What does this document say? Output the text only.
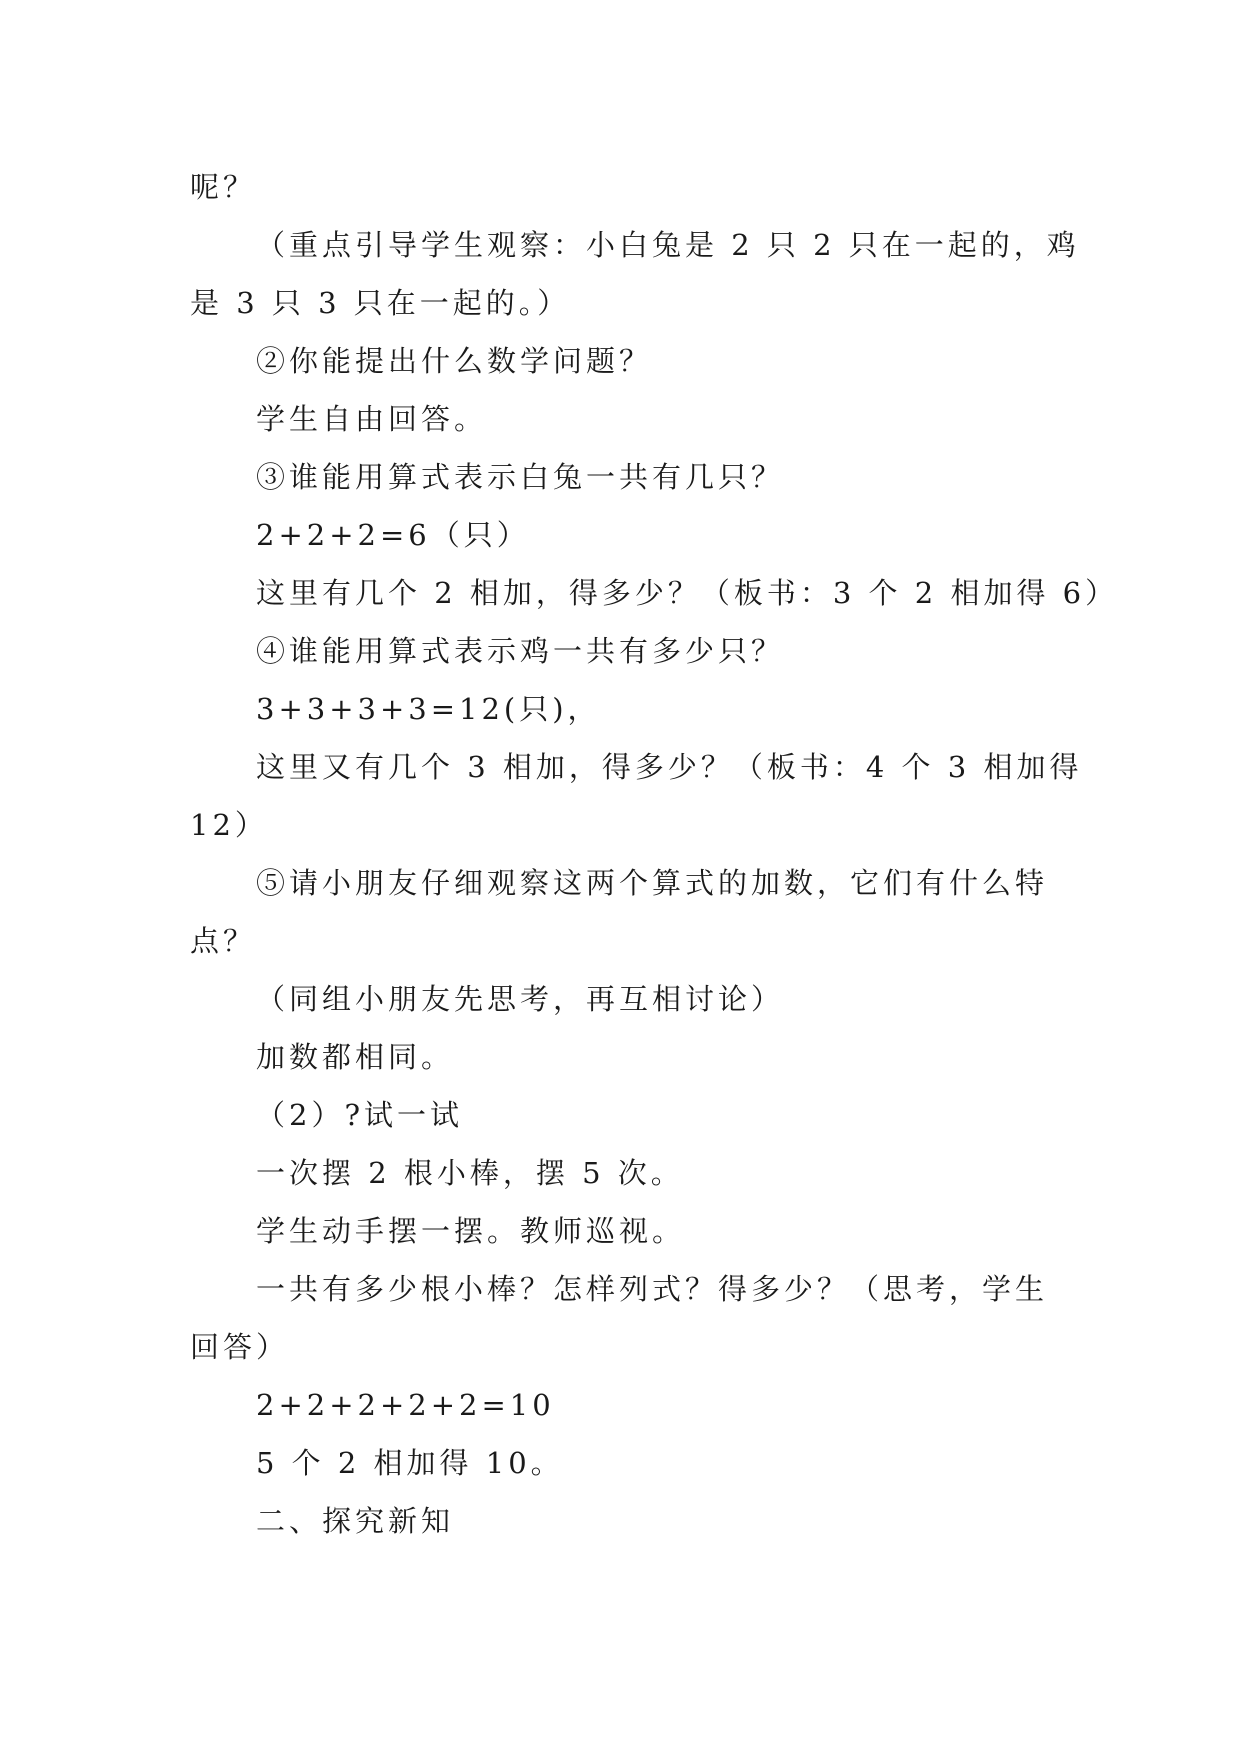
呢？
（重点引导学生观察：小白兔是 2 只 2 只在一起的，鸡
是 3 只 3 只在一起的。）
②你能提出什么数学问题？
学生自由回答。
③谁能用算式表示白兔一共有几只？
2+2+2=6（只）
这里有几个 2 相加，得多少？（板书：3 个 2 相加得 6）
④谁能用算式表示鸡一共有多少只？
3+3+3+3=12(只)，
这里又有几个 3 相加，得多少？（板书：4 个 3 相加得
12）
⑤请小朋友仔细观察这两个算式的加数，它们有什么特
点？
（同组小朋友先思考，再互相讨论）
加数都相同。
（2）?试一试
一次摆 2 根小棒，摆 5 次。
学生动手摆一摆。教师巡视。
一共有多少根小棒？怎样列式？得多少？（思考，学生
回答）
2+2+2+2+2=10
5 个 2 相加得 10。
二、探究新知
